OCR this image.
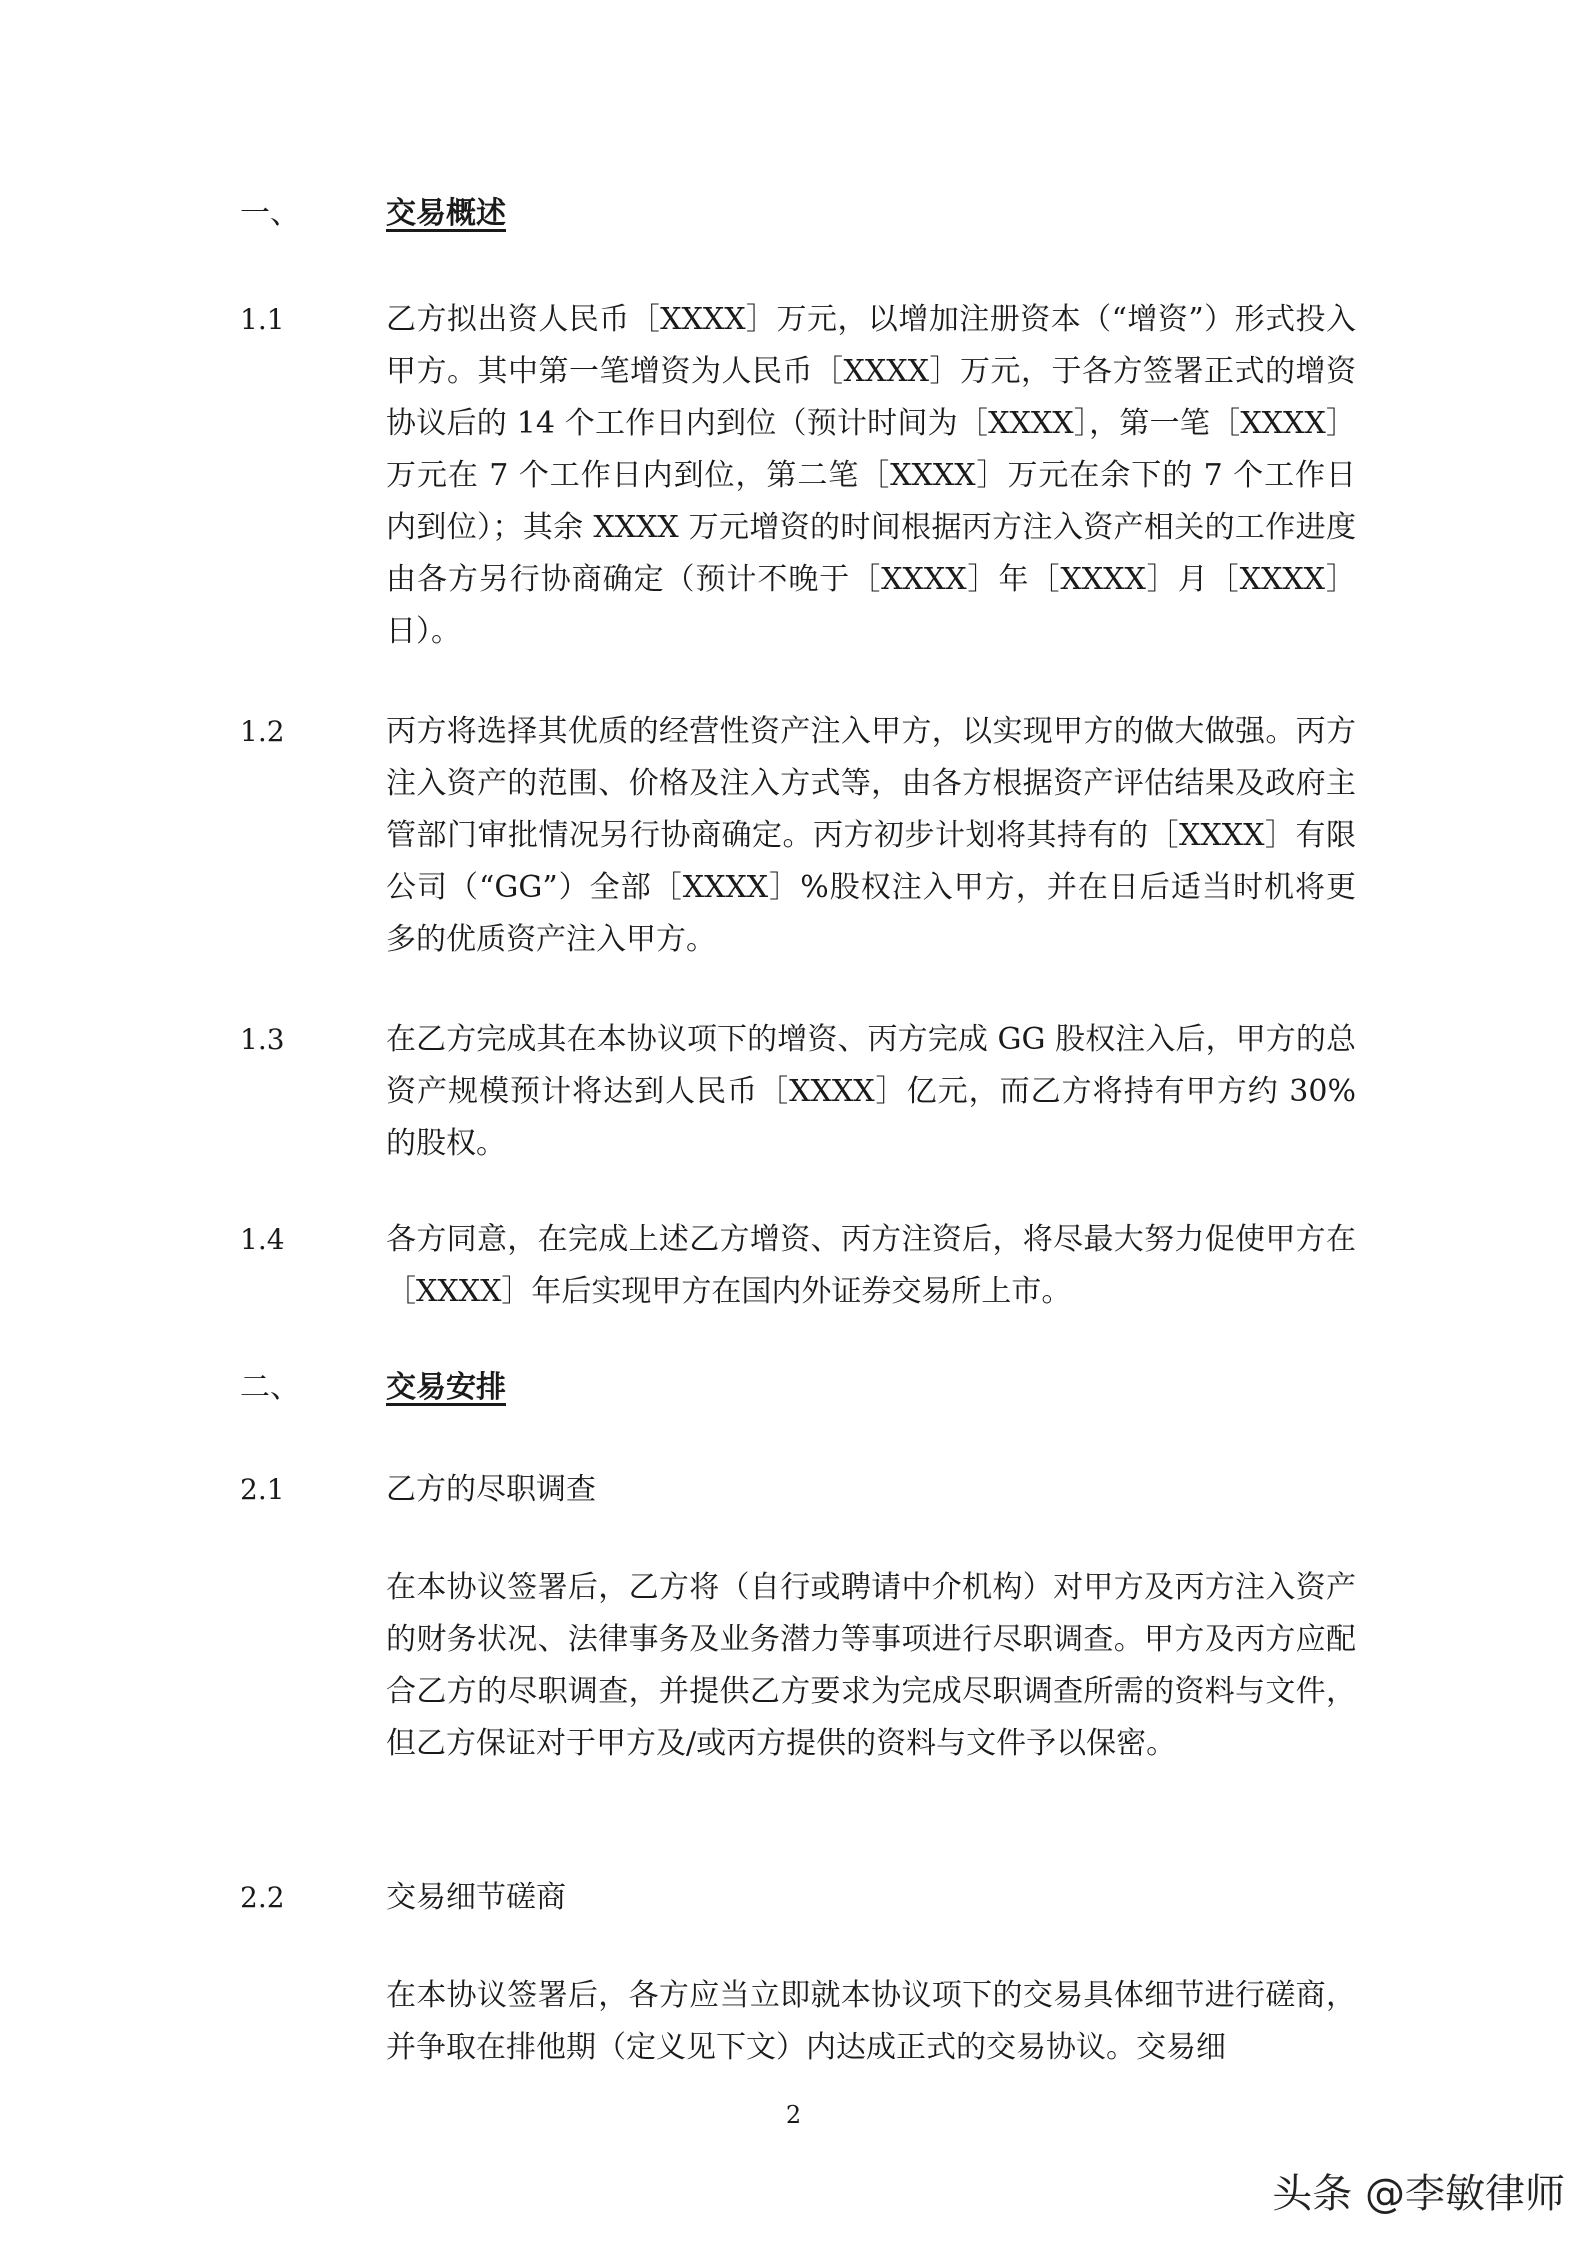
一、	交易概述
1.1	乙方拟出资人民币［XXXX］万元，以增加注册资本（“增资”）形式投入甲方。其中第一笔增资为人民币［XXXX］万元，于各方签署正式的增资协议后的 14 个工作日内到位（预计时间为［XXXX］，第一笔［XXXX］万元在 7 个工作日内到位，第二笔［XXXX］万元在余下的 7 个工作日内到位）；其余 XXXX 万元增资的时间根据丙方注入资产相关的工作进度由各方另行协商确定（预计不晚于［XXXX］年［XXXX］月［XXXX］日）。
1.2	丙方将选择其优质的经营性资产注入甲方，以实现甲方的做大做强。丙方注入资产的范围、价格及注入方式等，由各方根据资产评估结果及政府主管部门审批情况另行协商确定。丙方初步计划将其持有的［XXXX］有限公司（“GG”）全部［XXXX］%股权注入甲方，并在日后适当时机将更多的优质资产注入甲方。
1.3	在乙方完成其在本协议项下的增资、丙方完成 GG 股权注入后，甲方的总资产规模预计将达到人民币［XXXX］亿元，而乙方将持有甲方约 30%的股权。
1.4	各方同意，在完成上述乙方增资、丙方注资后，将尽最大努力促使甲方在［XXXX］年后实现甲方在国内外证券交易所上市。
二、	交易安排
2.1	乙方的尽职调查
在本协议签署后，乙方将（自行或聘请中介机构）对甲方及丙方注入资产的财务状况、法律事务及业务潜力等事项进行尽职调查。甲方及丙方应配合乙方的尽职调查，并提供乙方要求为完成尽职调查所需的资料与文件，但乙方保证对于甲方及/或丙方提供的资料与文件予以保密。
2.2	交易细节磋商
在本协议签署后，各方应当立即就本协议项下的交易具体细节进行磋商，并争取在排他期（定义见下文）内达成正式的交易协议。交易细
2
头条 @李敏律师
